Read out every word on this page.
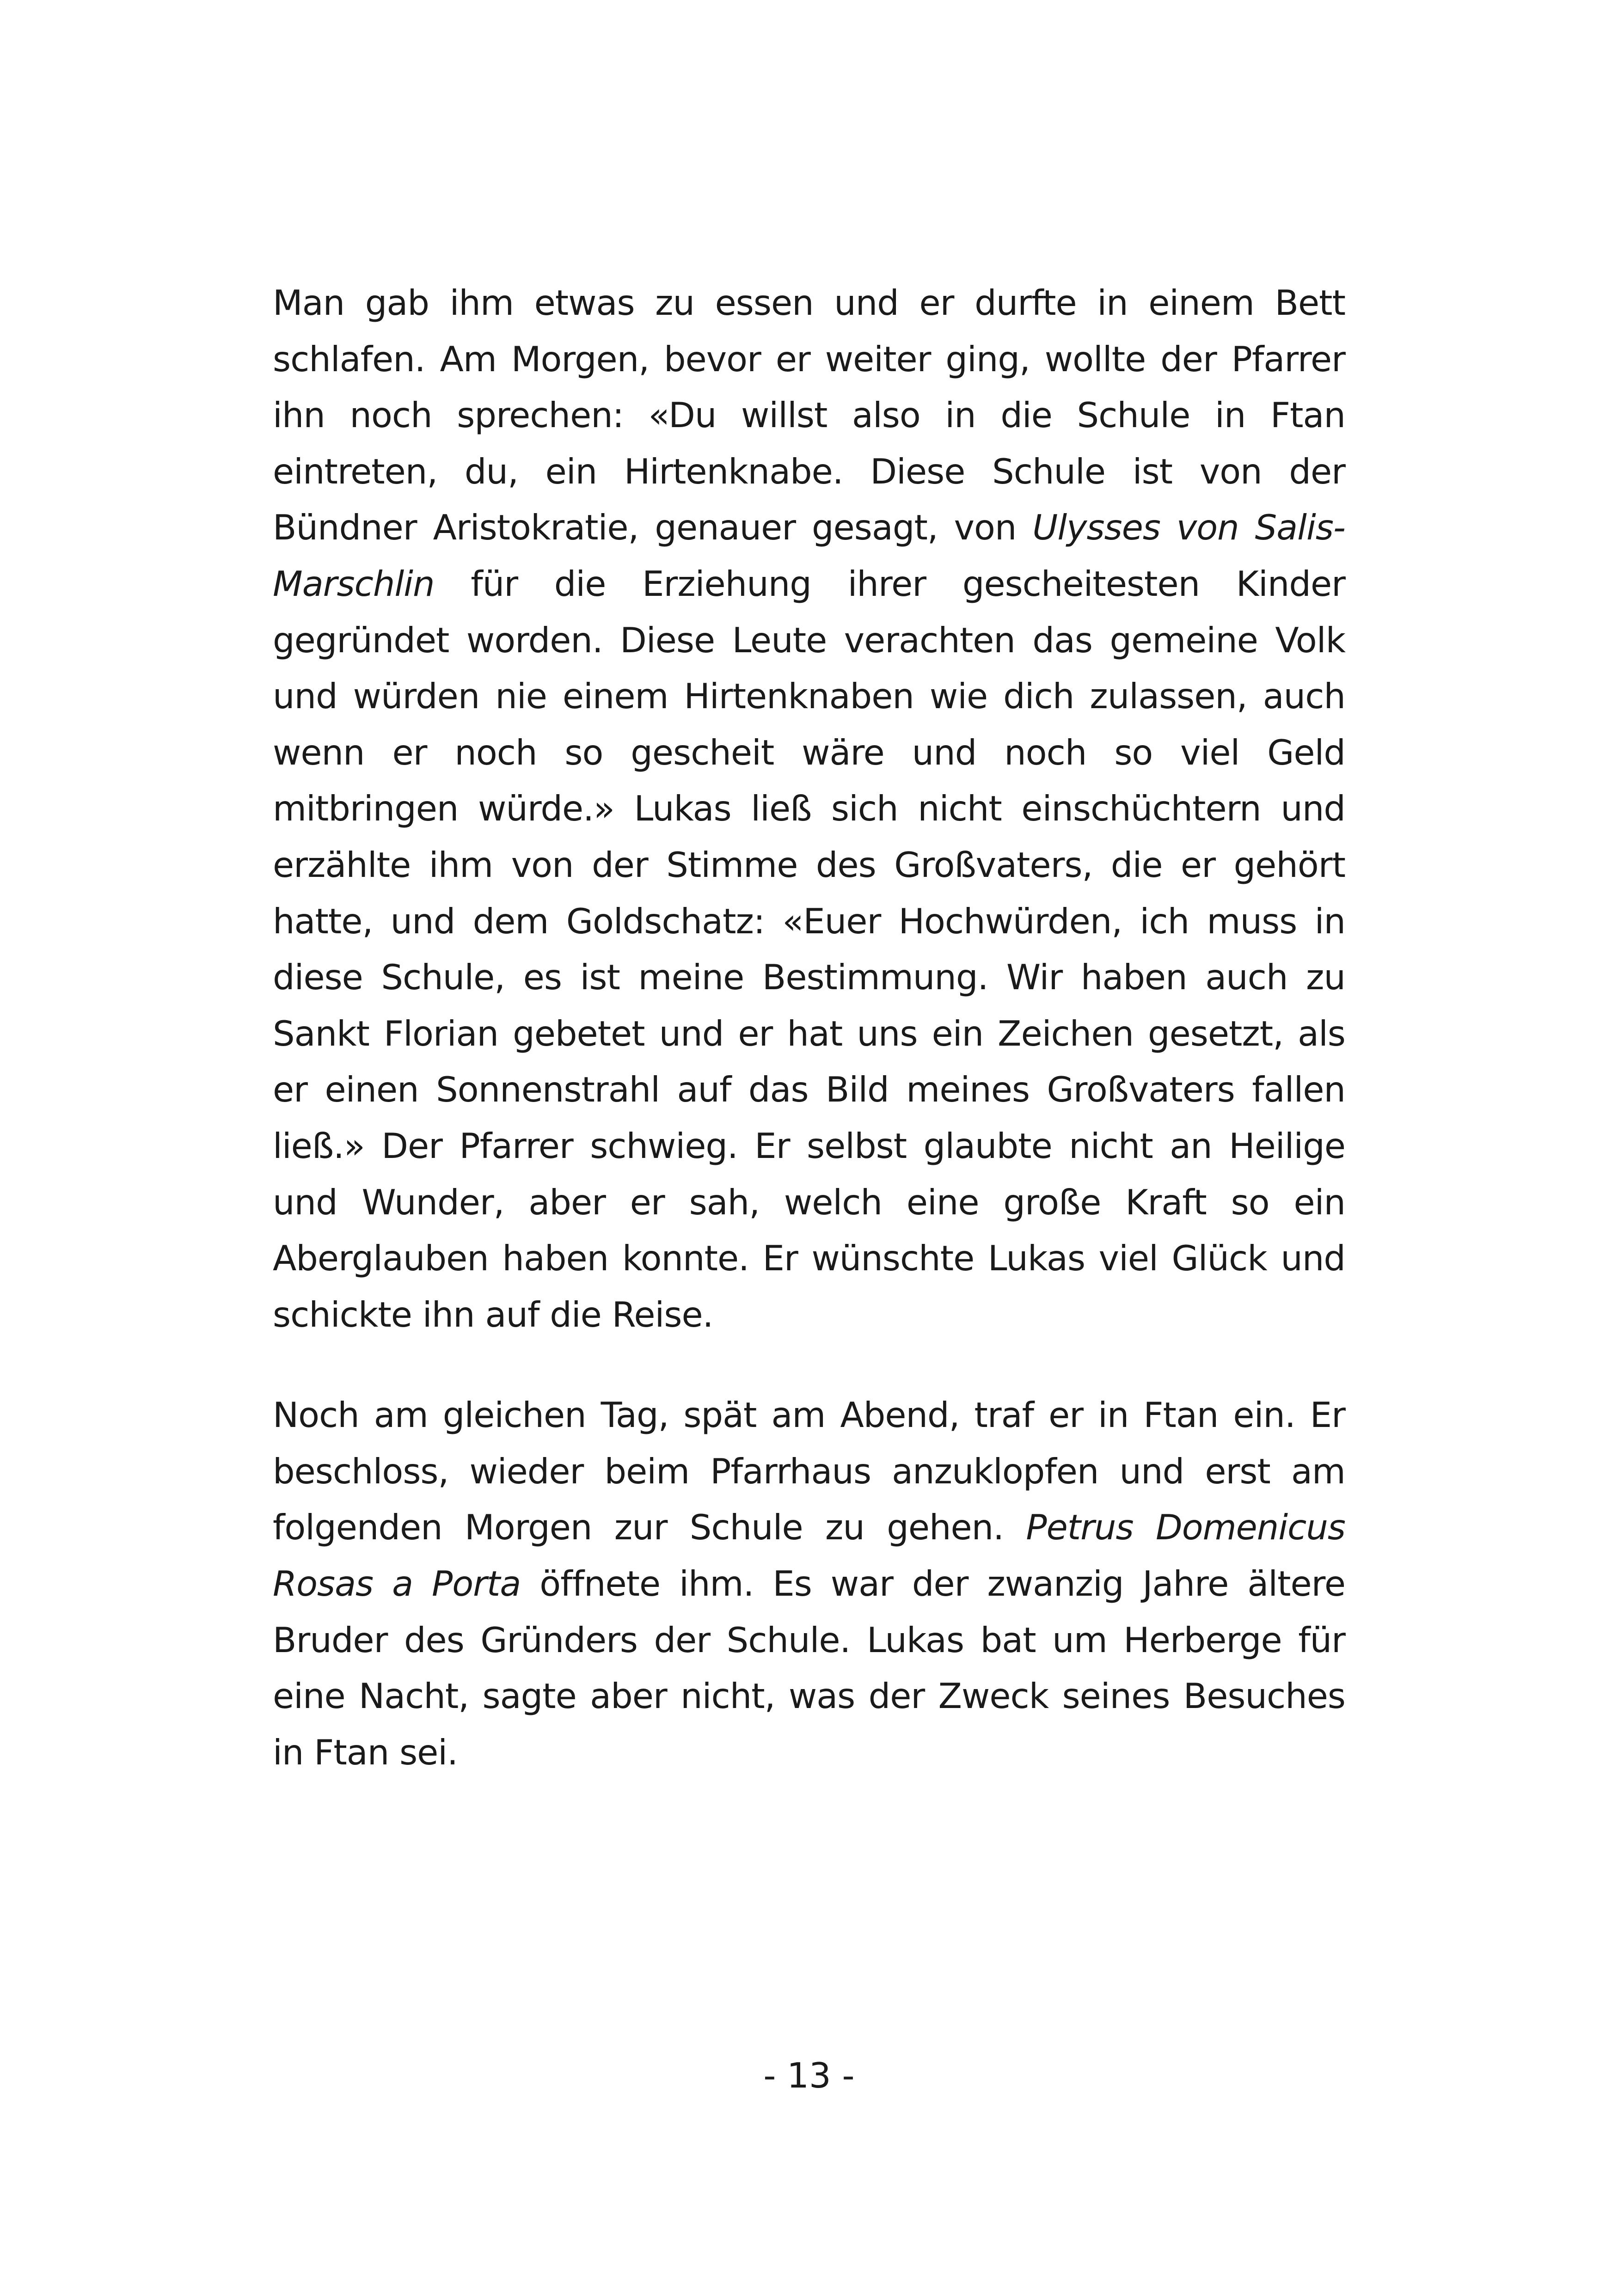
Man gab ihm etwas zu essen und er durfte in einem Bett schlafen. Am Morgen, bevor er weiter ging, wollte der Pfarrer ihn noch sprechen: «Du willst also in die Schule in Ftan eintreten, du, ein Hirtenknabe. Diese Schule ist von der Bündner Aristokratie, genauer gesagt, von Ulysses von Salis-Marschlin für die Erziehung ihrer gescheitesten Kinder gegründet worden. Diese Leute verachten das gemeine Volk und würden nie einem Hirtenknaben wie dich zulassen, auch wenn er noch so gescheit wäre und noch so viel Geld mitbringen würde.» Lukas ließ sich nicht einschüchtern und erzählte ihm von der Stimme des Großvaters, die er gehört hatte, und dem Goldschatz: «Euer Hochwürden, ich muss in diese Schule, es ist meine Bestimmung. Wir haben auch zu Sankt Florian gebetet und er hat uns ein Zeichen gesetzt, als er einen Sonnenstrahl auf das Bild meines Großvaters fallen ließ.» Der Pfarrer schwieg. Er selbst glaubte nicht an Heilige und Wunder, aber er sah, welch eine große Kraft so ein Aberglauben haben konnte. Er wünschte Lukas viel Glück und schickte ihn auf die Reise.

Noch am gleichen Tag, spät am Abend, traf er in Ftan ein. Er beschloss, wieder beim Pfarrhaus anzuklopfen und erst am folgenden Morgen zur Schule zu gehen. Petrus Domenicus Rosas a Porta öffnete ihm. Es war der zwanzig Jahre ältere Bruder des Gründers der Schule. Lukas bat um Herberge für eine Nacht, sagte aber nicht, was der Zweck seines Besuches in Ftan sei.

- 13 -
